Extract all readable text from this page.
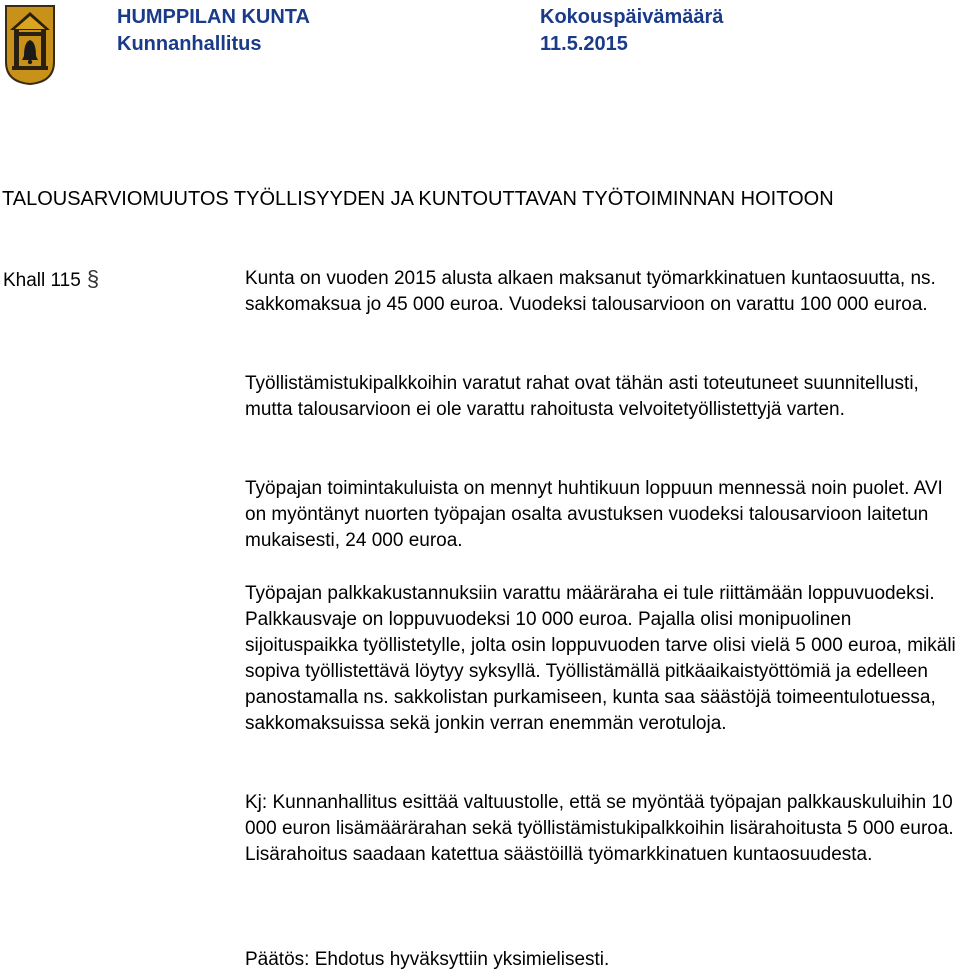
HUMPPILAN KUNTA
Kunnanhallitus
Kokouspäivämäärä
11.5.2015
TALOUSARVIOMUUTOS TYÖLLISYYDEN JA KUNTOUTTAVAN TYÖTOIMINNAN HOITOON
Khall 115 §	Kunta on vuoden 2015 alusta alkaen maksanut työmarkkinatuen kuntaosuutta, ns. sakkomaksua jo 45 000 euroa. Vuodeksi talousarvioon on varattu 100 000 euroa.

Työllistämistukipalkkoihin varatut rahat ovat tähän asti toteutuneet suunnitellusti, mutta talousarvioon ei ole varattu rahoitusta velvoitetyöllistettyjä varten.

Työpajan toimintakuluista on mennyt huhtikuun loppuun mennessä noin puolet. AVI on myöntänyt nuorten työpajan osalta avustuksen vuodeksi talousarvioon laitetun mukaisesti, 24 000 euroa.

Työpajan palkkakustannuksiin varattu määräraha ei tule riittämään loppuvuodeksi. Palkkausvaje on loppuvuodeksi 10 000 euroa. Pajalla olisi monipuolinen sijoituspaikka työllistetylle, jolta osin loppuvuoden tarve olisi vielä 5 000 euroa, mikäli sopiva työllistettävä löytyy syksyllä. Työllistämällä pitkäaikaistyöttömiä ja edelleen panostamalla ns. sakkolistan purkamiseen, kunta saa säästöjä toimeentulotuessa, sakkomaksuissa sekä jonkin verran enemmän verotuloja.

Kj: Kunnanhallitus esittää valtuustolle, että se myöntää työpajan palkkauskuluihin 10 000 euron lisämäärärahan sekä työllistämistukipalkkoihin lisärahoitusta 5 000 euroa. Lisärahoitus saadaan katettua säästöillä työmarkkinatuen kuntaosuudesta.

Päätös: Ehdotus hyväksyttiin yksimielisesti.
